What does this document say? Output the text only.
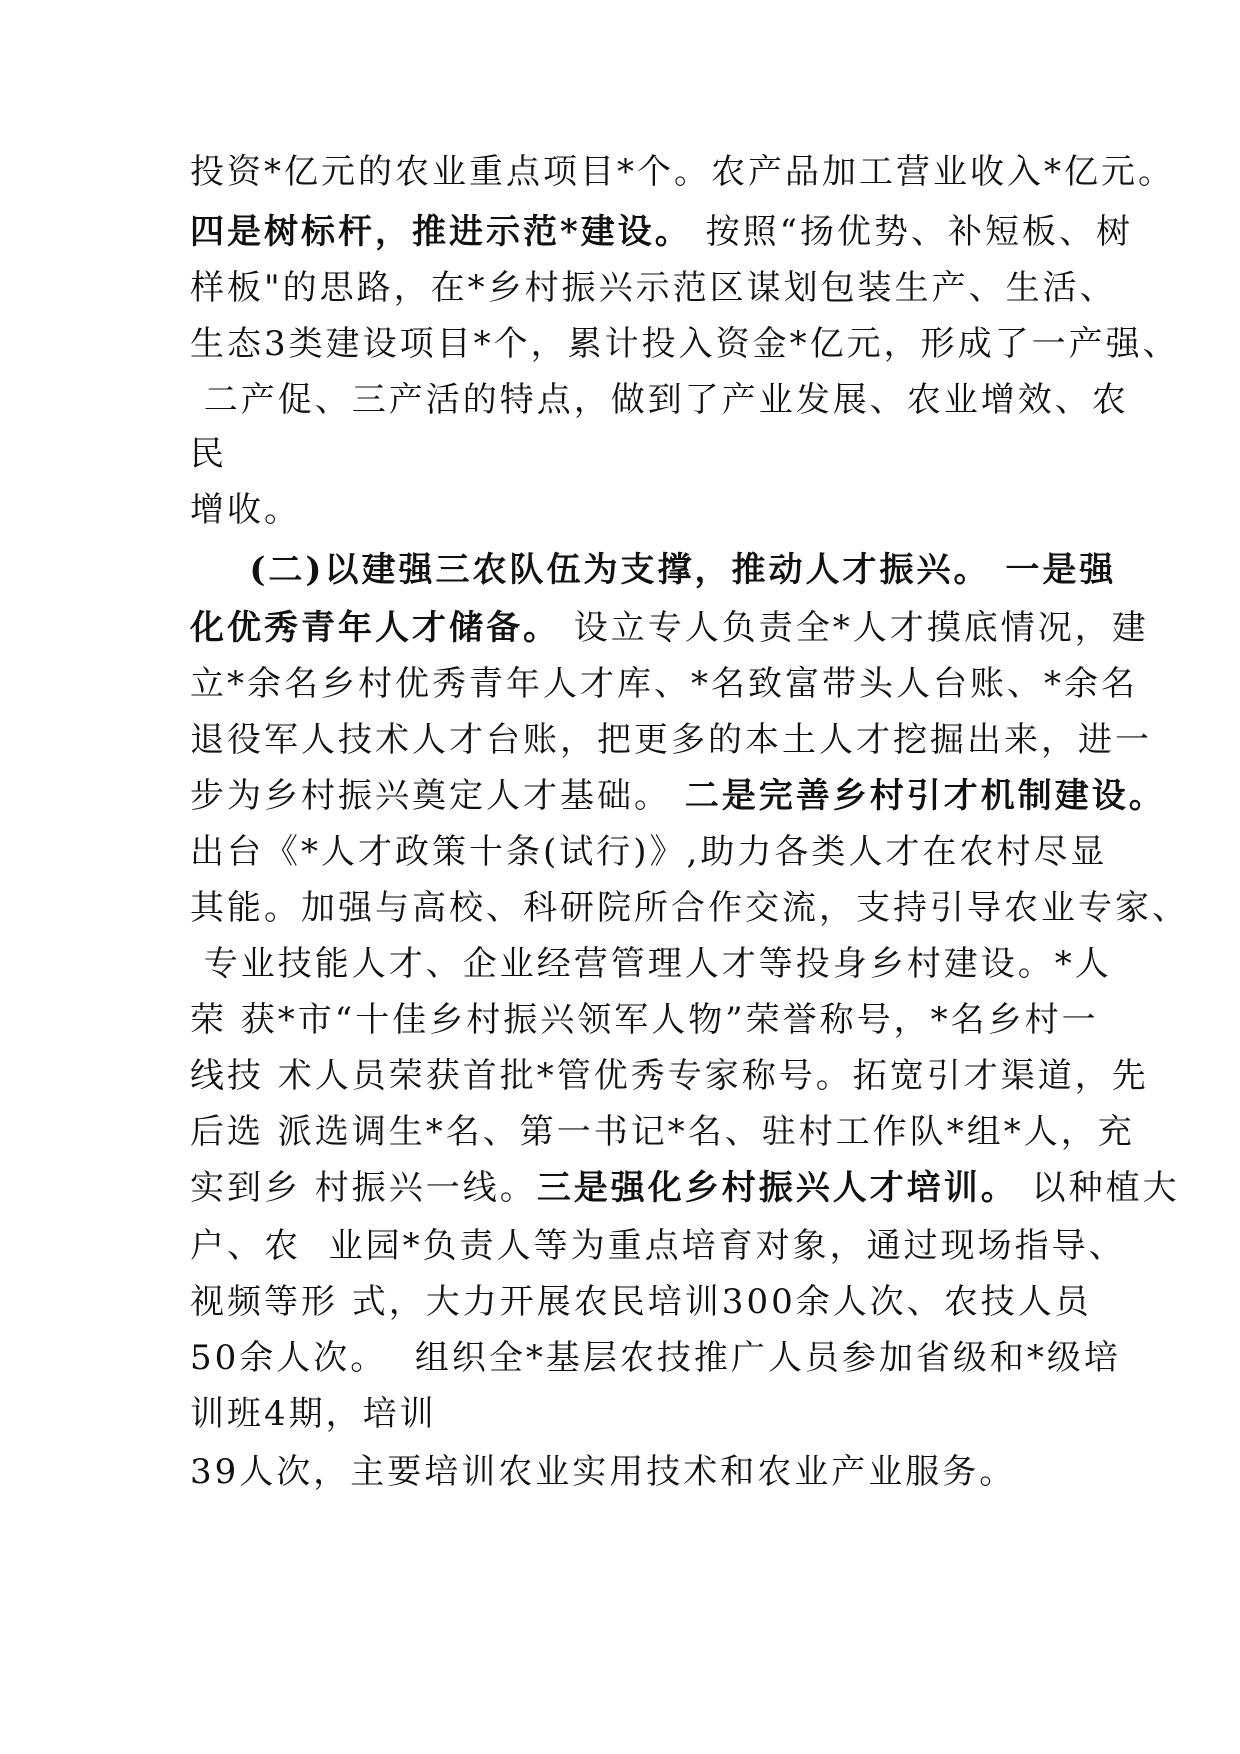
投资*亿元的农业重点项目*个。农产品加工营业收入*亿元。
四是树标杆，推进示范*建设。 按照“扬优势、补短板、树
样板"的思路，在*乡村振兴示范区谋划包装生产、生活、
生态3类建设项目*个，累计投入资金*亿元，形成了一产强、
二产促、三产活的特点，做到了产业发展、农业增效、农
民
增收。
(二)以建强三农队伍为支撑，推动人才振兴。 一是强
化优秀青年人才储备。 设立专人负责全*人才摸底情况，建
立*余名乡村优秀青年人才库、*名致富带头人台账、*余名
退役军人技术人才台账，把更多的本土人才挖掘出来，进一
步为乡村振兴奠定人才基础。 二是完善乡村引才机制建设。
出台《*人才政策十条(试行)》,助力各类人才在农村尽显
其能。加强与高校、科研院所合作交流，支持引导农业专家、
专业技能人才、企业经营管理人才等投身乡村建设。*人
荣 获*市“十佳乡村振兴领军人物”荣誉称号，*名乡村一
线技 术人员荣获首批*管优秀专家称号。拓宽引才渠道，先
后选 派选调生*名、第一书记*名、驻村工作队*组*人，充
实到乡 村振兴一线。三是强化乡村振兴人才培训。 以种植大
户、农  业园*负责人等为重点培育对象，通过现场指导、
视频等形 式，大力开展农民培训300余人次、农技人员
50余人次。  组织全*基层农技推广人员参加省级和*级培
训班4期，培训
39人次，主要培训农业实用技术和农业产业服务。
